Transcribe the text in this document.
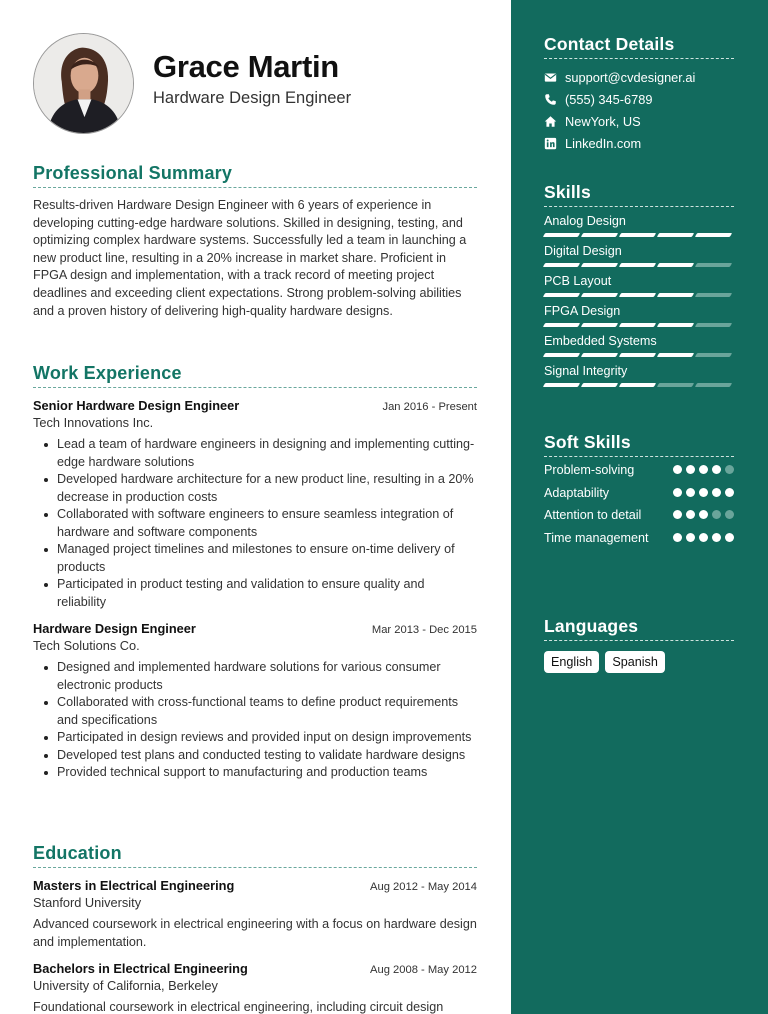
Grace Martin
Hardware Design Engineer
Professional Summary
Results-driven Hardware Design Engineer with 6 years of experience in developing cutting-edge hardware solutions. Skilled in designing, testing, and optimizing complex hardware systems. Successfully led a team in launching a new product line, resulting in a 20% increase in market share. Proficient in FPGA design and implementation, with a track record of meeting project deadlines and exceeding client expectations. Strong problem-solving abilities and a proven history of delivering high-quality hardware designs.
Work Experience
Senior Hardware Design Engineer	Jan 2016 - Present
Tech Innovations Inc.
Lead a team of hardware engineers in designing and implementing cutting-edge hardware solutions
Developed hardware architecture for a new product line, resulting in a 20% decrease in production costs
Collaborated with software engineers to ensure seamless integration of hardware and software components
Managed project timelines and milestones to ensure on-time delivery of products
Participated in product testing and validation to ensure quality and reliability
Hardware Design Engineer	Mar 2013 - Dec 2015
Tech Solutions Co.
Designed and implemented hardware solutions for various consumer electronic products
Collaborated with cross-functional teams to define product requirements and specifications
Participated in design reviews and provided input on design improvements
Developed test plans and conducted testing to validate hardware designs
Provided technical support to manufacturing and production teams
Education
Masters in Electrical Engineering	Aug 2012 - May 2014
Stanford University
Advanced coursework in electrical engineering with a focus on hardware design and implementation.
Bachelors in Electrical Engineering	Aug 2008 - May 2012
University of California, Berkeley
Foundational coursework in electrical engineering, including circuit design
Contact Details
support@cvdesigner.ai
(555) 345-6789
NewYork, US
LinkedIn.com
Skills
Analog Design
Digital Design
PCB Layout
FPGA Design
Embedded Systems
Signal Integrity
Soft Skills
Problem-solving
Adaptability
Attention to detail
Time management
Languages
English	Spanish
